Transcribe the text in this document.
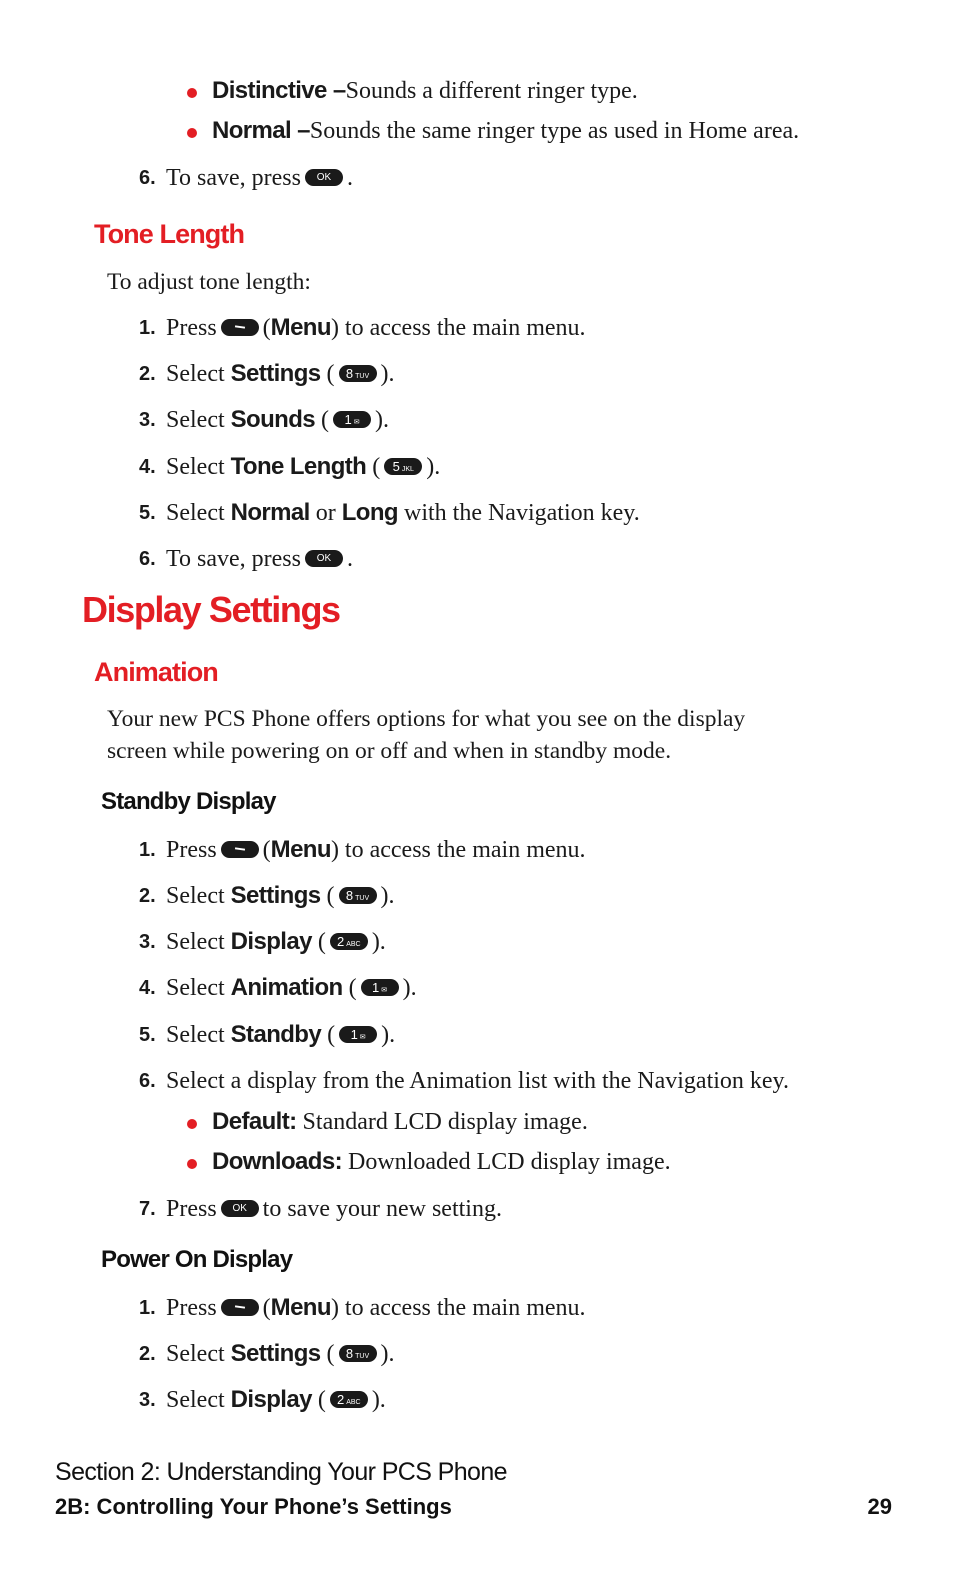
Distinctive –Sounds a different ringer type.
Normal –Sounds the same ringer type as used in Home area.
6. To save, press OK .
Tone Length
To adjust tone length:
1. Press (Menu) to access the main menu.
2. Select Settings ( 8 TUV ).
3. Select Sounds ( 1 ✉ ).
4. Select Tone Length ( 5 JKL ).
5. Select Normal or Long with the Navigation key.
6. To save, press OK .
Display Settings
Animation
Your new PCS Phone offers options for what you see on the display
screen while powering on or off and when in standby mode.
Standby Display
1. Press (Menu) to access the main menu.
2. Select Settings ( 8 TUV ).
3. Select Display ( 2 ABC ).
4. Select Animation ( 1 ✉ ).
5. Select Standby ( 1 ✉ ).
6. Select a display from the Animation list with the Navigation key.
Default: Standard LCD display image.
Downloads: Downloaded LCD display image.
7. Press OK to save your new setting.
Power On Display
1. Press (Menu) to access the main menu.
2. Select Settings ( 8 TUV ).
3. Select Display ( 2 ABC ).
Section 2: Understanding Your PCS Phone
2B: Controlling Your Phone’s Settings	29
